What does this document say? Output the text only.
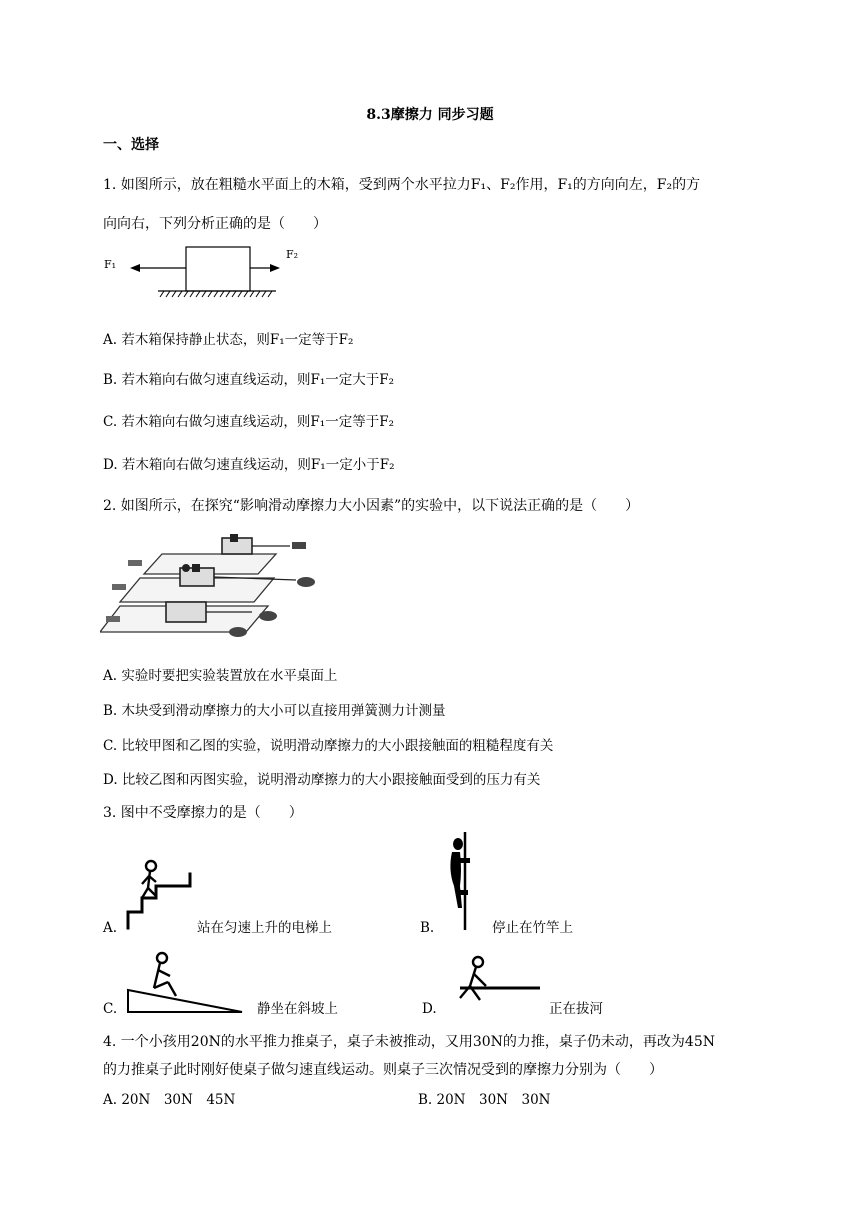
8.3摩擦力 同步习题
一、选择
1. 如图所示，放在粗糙水平面上的木箱，受到两个水平拉力F₁、F₂作用，F₁的方向向左，F₂的方
向向右，下列分析正确的是（　　）
F₁
F₂
A. 若木箱保持静止状态，则F₁一定等于F₂
B. 若木箱向右做匀速直线运动，则F₁一定大于F₂
C. 若木箱向右做匀速直线运动，则F₁一定等于F₂
D. 若木箱向右做匀速直线运动，则F₁一定小于F₂
2. 如图所示，在探究“影响滑动摩擦力大小因素”的实验中，以下说法正确的是（　　）
A. 实验时要把实验装置放在水平桌面上
B. 木块受到滑动摩擦力的大小可以直接用弹簧测力计测量
C. 比较甲图和乙图的实验，说明滑动摩擦力的大小跟接触面的粗糙程度有关
D. 比较乙图和丙图实验，说明滑动摩擦力的大小跟接触面受到的压力有关
3. 图中不受摩擦力的是（　　）
A.	站在匀速上升的电梯上	B.	停止在竹竿上
C.	静坐在斜坡上	D.	正在拔河
4. 一个小孩用20N的水平推力推桌子，桌子未被推动，又用30N的力推，桌子仍未动，再改为45N
的力推桌子此时刚好使桌子做匀速直线运动。则桌子三次情况受到的摩擦力分别为（　　）
A. 20N　30N　45N	B. 20N　30N　30N
